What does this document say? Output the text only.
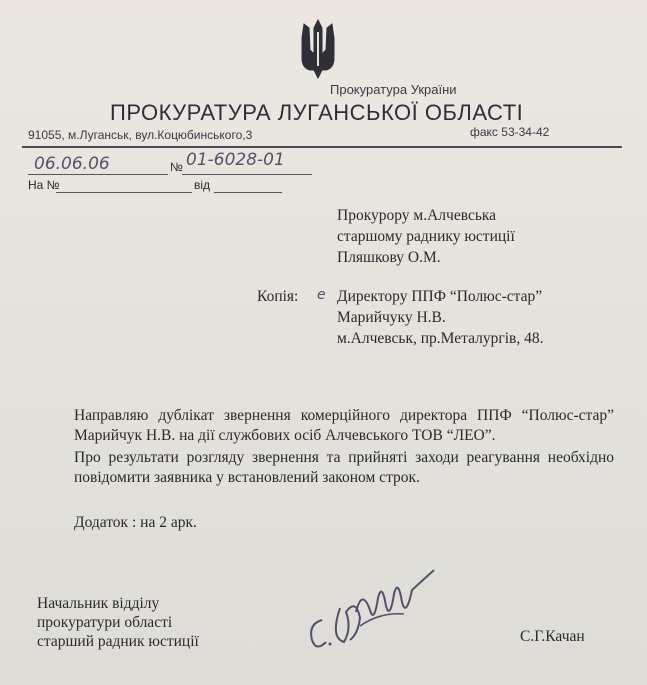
Прокуратура України
ПРОКУРАТУРА ЛУГАНСЬКОЇ ОБЛАСТІ
91055, м.Луганськ, вул.Коцюбинського,3	факс 53-34-42
06.06.06	№ 01-6028-01
На №	від
Прокурору м.Алчевська
старшому раднику юстиції
Пляшкову О.М.
Копія: е Директору ППФ “Полюс-стар”
Марийчуку Н.В.
м.Алчевськ, пр.Металургів, 48.
Направляю дублікат звернення комерційного директора ППФ “Полюс-стар” Марийчук Н.В. на дії службових осіб Алчевського ТОВ “ЛЕО”.
Про результати розгляду звернення та прийняті заходи реагування необхідно повідомити заявника у встановлений законом строк.
Додаток : на 2 арк.
Начальник відділу
прокуратури області
старший радник юстиції	С.Г.Качан
